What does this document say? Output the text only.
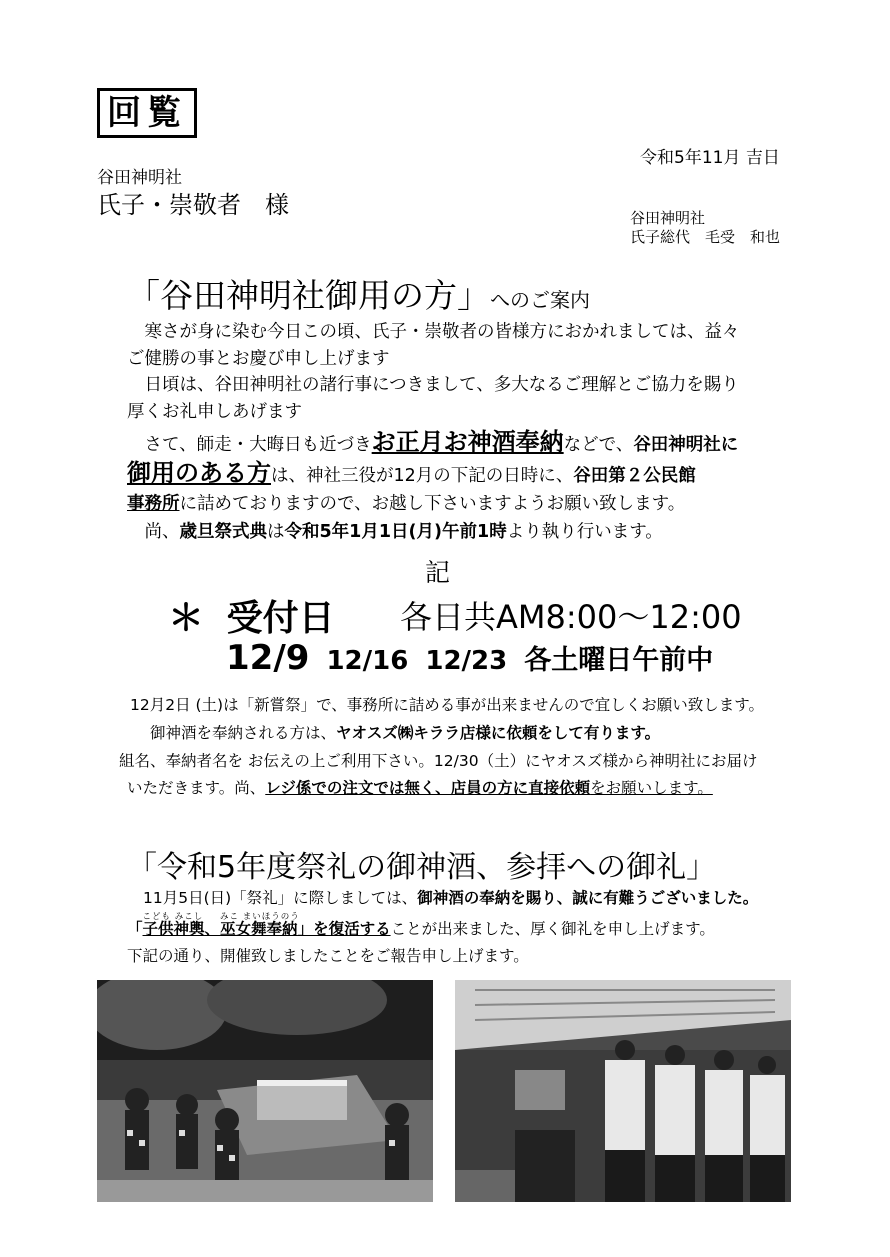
回覧
令和5年11月 吉日
谷田神明社
氏子・崇敬者　様	谷田神明社
氏子総代　毛受　和也
「谷田神明社御用の方」へのご案内
　寒さが身に染む今日この頃、氏子・崇敬者の皆様方におかれましては、益々
ご健勝の事とお慶び申し上げます
　日頃は、谷田神明社の諸行事につきまして、多大なるご理解とご協力を賜り
厚くお礼申しあげます
　さて、師走・大晦日も近づきお正月お神酒奉納などで、谷田神明社に
御用のある方は、神社三役が12月の下記の日時に、谷田第２公民館
事務所に詰めておりますので、お越し下さいますようお願い致します。
　尚、歳旦祭式典は令和5年1月1日(月)午前1時より執り行います。
記
＊ 受付日 各日共AM8:00～12:00
12/9 12/16 12/23 各土曜日午前中
12月2日 (土)は「新嘗祭」で、事務所に詰める事が出来ませんので宜しくお願い致します。
御神酒を奉納される方は、ヤオスズ㈱キララ店様に依頼をして有ります。
組名、奉納者名を お伝えの上ご利用下さい。12/30（土）にヤオスズ様から神明社にお届け
いただきます。尚、レジ係での注文では無く、店員の方に直接依頼をお願いします。
「令和5年度祭礼の御神酒、参拝への御礼」
11月5日(日)「祭礼」に際しましては、御神酒の奉納を賜り、誠に有難うございました。
「
こども みこし
子供神輿、
みこ まいほうのう
巫女舞奉納」を復活することが出来ました、厚く御礼を申し上げます。
下記の通り、開催致しましたことをご報告申し上げます。
